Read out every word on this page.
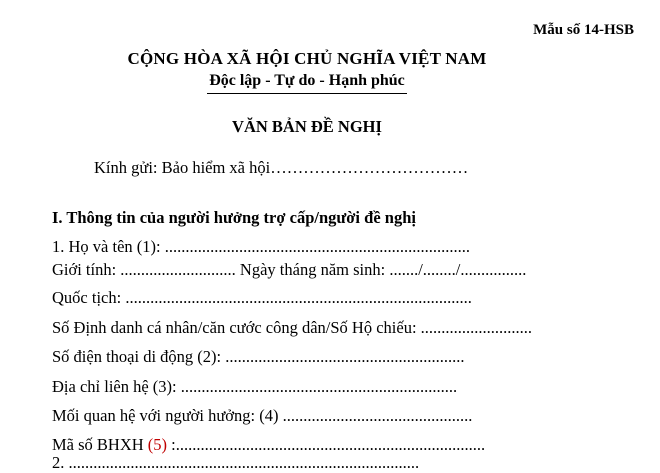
Mẫu số 14-HSB
CỘNG HÒA XÃ HỘI CHỦ NGHĨA VIỆT NAM
Độc lập - Tự do - Hạnh phúc
VĂN BẢN ĐỀ NGHỊ
Kính gửi: Bảo hiểm xã hội………………………………
I. Thông tin của người hưởng trợ cấp/người đề nghị
1. Họ và tên (1): ..........................................................................
Giới tính: ............................ Ngày tháng năm sinh: ......./......../................
Quốc tịch: ....................................................................................
Số Định danh cá nhân/căn cước công dân/Số Hộ chiếu: ...........................
Số điện thoại di động (2): ..........................................................
Địa chỉ liên hệ (3): ...................................................................
Mối quan hệ với người hưởng: (4) ..............................................
Mã số BHXH (5) :...........................................................................
2. .....................................................................................
